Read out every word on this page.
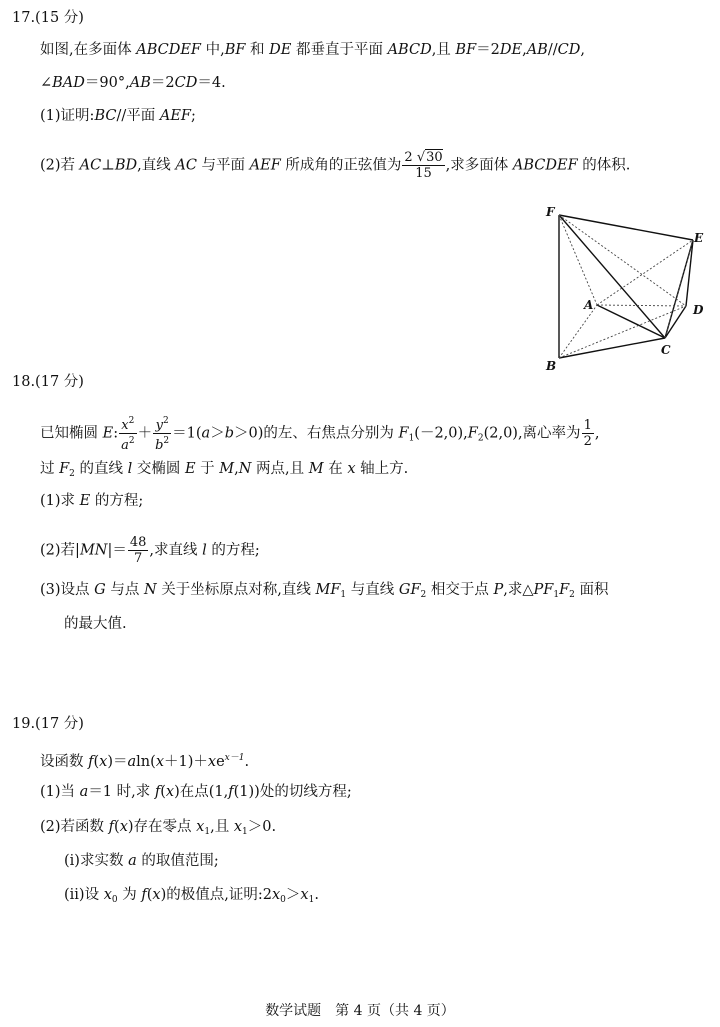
17.(15 分)
如图,在多面体 ABCDEF 中,BF 和 DE 都垂直于平面 ABCD,且 BF＝2DE,AB//CD,
∠BAD＝90°,AB＝2CD＝4.
(1)证明:BC//平面 AEF;
(2)若 AC⊥BD,直线 AC 与平面 AEF 所成角的正弦值为 $\frac{2 √30}{15}$ ,求多面体 ABCDEF 的体积.
F
E
A	D
C
B
18.(17 分)
已知椭圆 E: $\frac{x^2}{a^2} + \frac{y^2}{b^2} =1(a>b>0)$的左、右焦点分别为 $F_1(-2,0),F_2(2,0)$,离心率为 $\frac{1}{2}$ ,
过 $F_2$ 的直线 l 交椭圆 E 于 M,N 两点,且 M 在 x 轴上方.
(1)求 E 的方程;
(2)若$|MN|= \frac{48}{7}$ ,求直线 l 的方程;
(3)设点 G 与点 N 关于坐标原点对称,直线 $MF_1$ 与直线 $GF_2$ 相交于点 P,求$\triangle PF_1F_2$ 面积
的最大值.
19.(17 分)
设函数 $f(x)=aln(x+1)+xe^{x-1}$.
(1)当 a＝1 时,求 f(x)在点(1,f(1))处的切线方程;
(2)若函数 f(x)存在零点 $x_1$,且 $x_1>0$.
(ⅰ)求实数 a 的取值范围;
(ⅱ)设 $x_0$ 为 f(x)的极值点,证明$:2x_0>x_1$.
数学试题　第 4 页（共 4 页）
